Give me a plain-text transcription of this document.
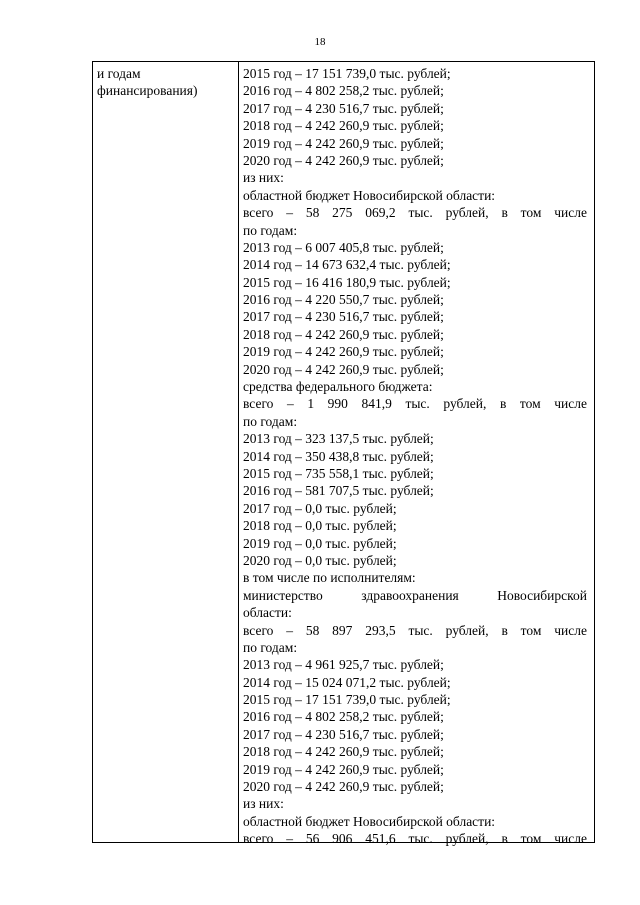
18
и годам
финансирования)
2015 год – 17 151 739,0 тыс. рублей;
2016 год – 4 802 258,2 тыс. рублей;
2017 год – 4 230 516,7 тыс. рублей;
2018 год – 4 242 260,9 тыс. рублей;
2019 год – 4 242 260,9 тыс. рублей;
2020 год – 4 242 260,9 тыс. рублей;
из них:
областной бюджет Новосибирской области:
всего – 58 275 069,2 тыс. рублей, в том числе
по годам:
2013 год – 6 007 405,8 тыс. рублей;
2014 год – 14 673 632,4 тыс. рублей;
2015 год – 16 416 180,9 тыс. рублей;
2016 год – 4 220 550,7 тыс. рублей;
2017 год – 4 230 516,7 тыс. рублей;
2018 год – 4 242 260,9 тыс. рублей;
2019 год – 4 242 260,9 тыс. рублей;
2020 год – 4 242 260,9 тыс. рублей;
средства федерального бюджета:
всего – 1 990 841,9 тыс. рублей, в том числе
по годам:
2013 год – 323 137,5 тыс. рублей;
2014 год – 350 438,8 тыс. рублей;
2015 год – 735 558,1 тыс. рублей;
2016 год – 581 707,5 тыс. рублей;
2017 год – 0,0 тыс. рублей;
2018 год – 0,0 тыс. рублей;
2019 год – 0,0 тыс. рублей;
2020 год – 0,0 тыс. рублей;
в том числе по исполнителям:
министерство здравоохранения Новосибирской
области:
всего – 58 897 293,5 тыс. рублей, в том числе
по годам:
2013 год – 4 961 925,7 тыс. рублей;
2014 год – 15 024 071,2 тыс. рублей;
2015 год – 17 151 739,0 тыс. рублей;
2016 год – 4 802 258,2 тыс. рублей;
2017 год – 4 230 516,7 тыс. рублей;
2018 год – 4 242 260,9 тыс. рублей;
2019 год – 4 242 260,9 тыс. рублей;
2020 год – 4 242 260,9 тыс. рублей;
из них:
областной бюджет Новосибирской области:
всего – 56 906 451,6 тыс. рублей, в том числе
